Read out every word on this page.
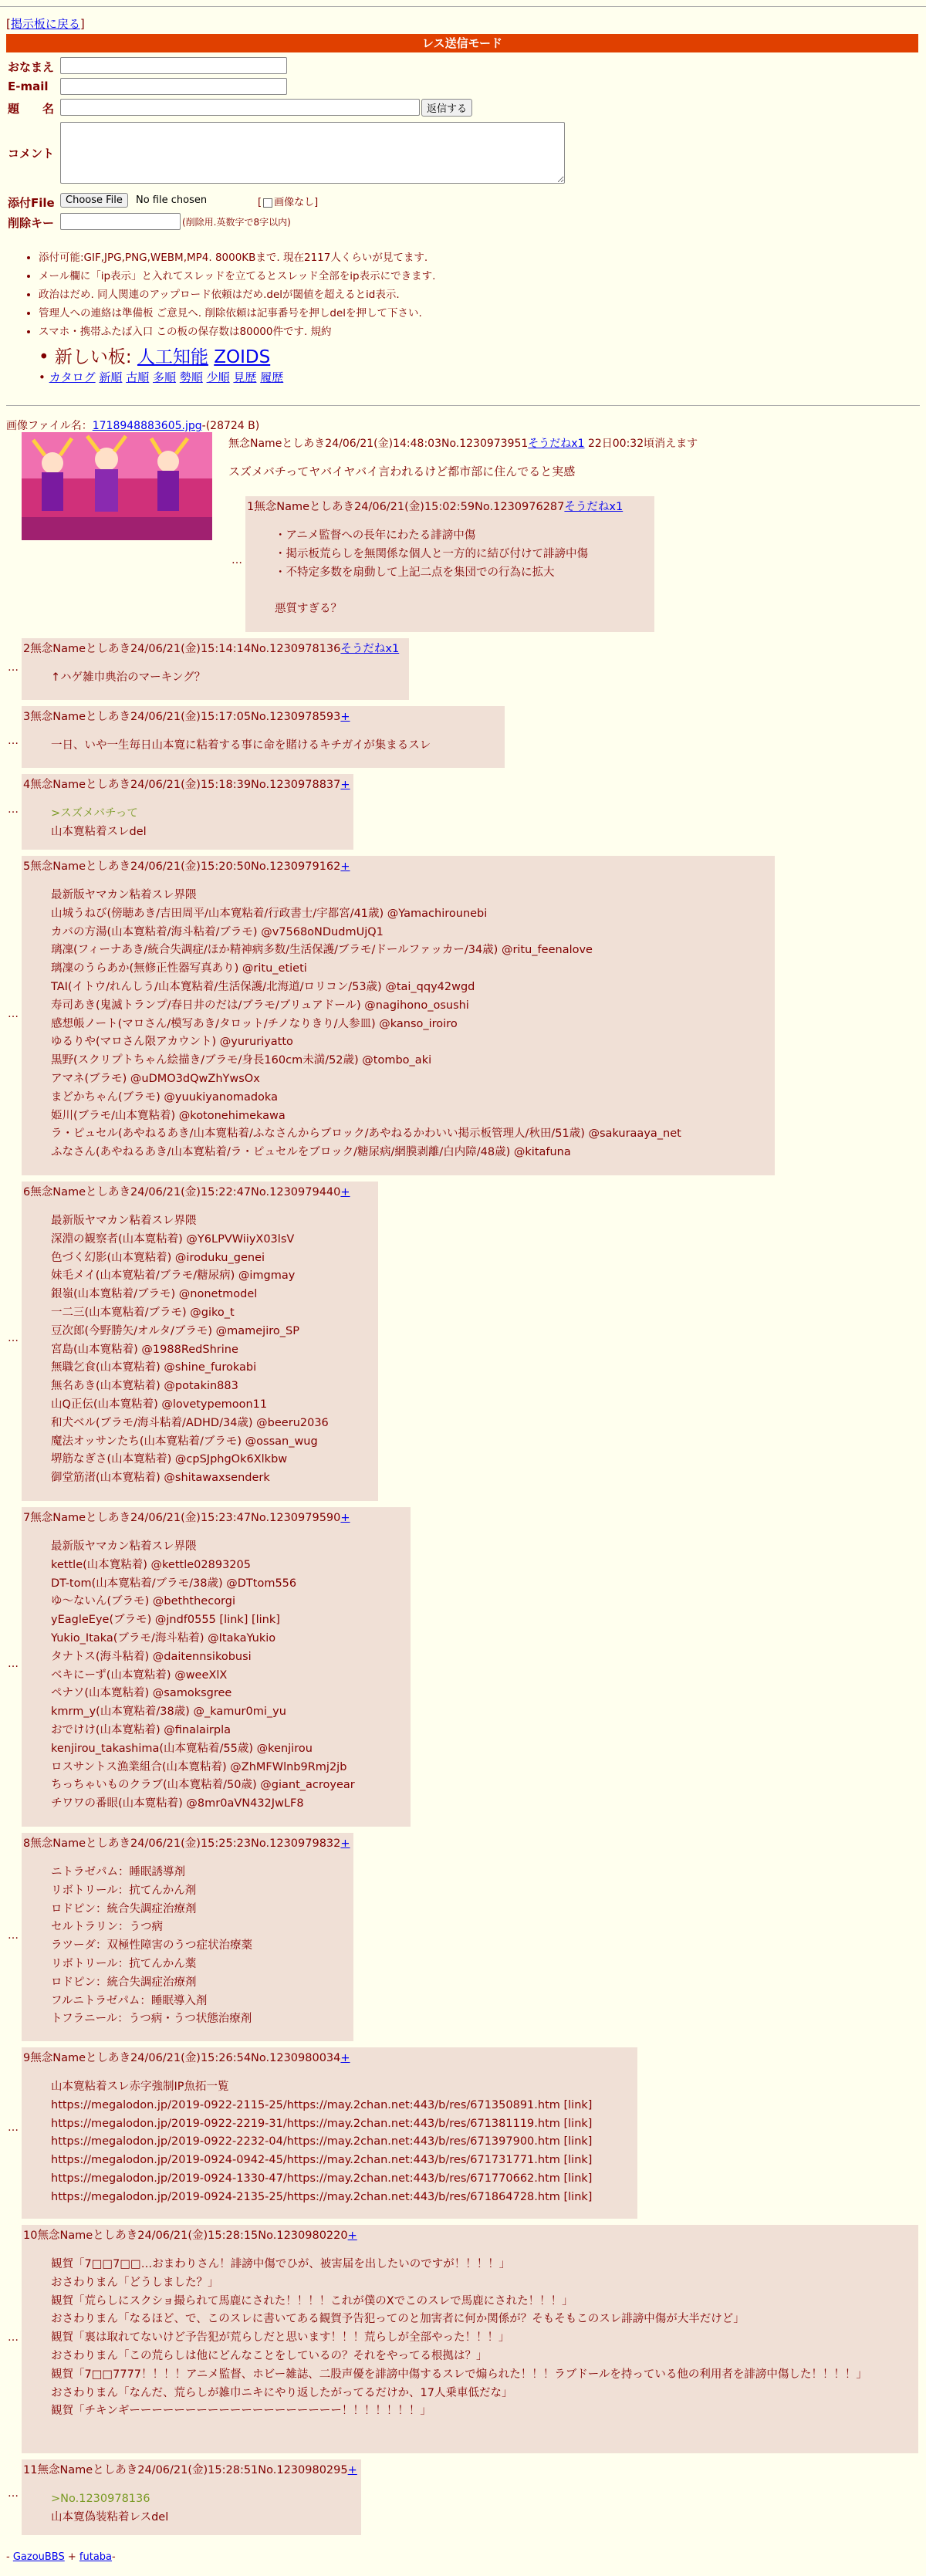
[掲示板に戻る]
レス送信モード
おなまえ
E-mail
題　　名	返信する
コメント
添付File	Choose File	No file chosen	[ 画像なし]
削除キー	(削除用.英数字で8字以内)
• 添付可能:GIF,JPG,PNG,WEBM,MP4. 8000KBまで. 現在2117人くらいが見てます.
• メール欄に「ip表示」と入れてスレッドを立てるとスレッド全部をip表示にできます.
• 政治はだめ. 同人関連のアップロード依頼はだめ.delが閾値を超えるとid表示.
• 管理人への連絡は準備板 ご意見へ. 削除依頼は記事番号を押しdelを押して下さい.
• スマホ・携帯ふたば入口 この板の保存数は80000件です. 規約
• 新しい板: 人工知能 ZOIDS
• カタログ 新順 古順 多順 勢順 少順 見歴 履歴
画像ファイル名：1718948883605.jpg-(28724 B)
無念Nameとしあき24/06/21(金)14:48:03No.1230973951そうだねx1 22日00:32頃消えます
スズメバチってヤバイヤバイ言われるけど都市部に住んでると実感
…
1無念Nameとしあき24/06/21(金)15:02:59No.1230976287そうだねx1
・アニメ監督への長年にわたる誹謗中傷
・掲示板荒らしを無関係な個人と一方的に結び付けて誹謗中傷
・不特定多数を扇動して上記二点を集団での行為に拡大

悪質すぎる？
…
2無念Nameとしあき24/06/21(金)15:14:14No.1230978136そうだねx1
↑ハゲ雑巾典治のマーキング？
…
3無念Nameとしあき24/06/21(金)15:17:05No.1230978593+
一日、いや一生毎日山本寛に粘着する事に命を賭けるキチガイが集まるスレ
…
4無念Nameとしあき24/06/21(金)15:18:39No.1230978837+
>スズメバチって
山本寛粘着スレdel
…
5無念Nameとしあき24/06/21(金)15:20:50No.1230979162+
最新版ヤマカン粘着スレ界隈
山城うねび(傍聴あき/吉田周平/山本寛粘着/行政書士/宇都宮/41歳) @Yamachirounebi
カバの方湯(山本寛粘着/海斗粘着/ブラモ) @v7568oNDudmUjQ1
璃凜(フィーナあき/統合失調症/ほか精神病多数/生活保護/ブラモ/ドールファッカー/34歳) @ritu_feenalove
璃凜のうらあか(無修正性器写真あり) @ritu_etieti
TAI(イトウ/れんしう/山本寛粘着/生活保護/北海道/ロリコン/53歳) @tai_qqy42wgd
寿司あき(鬼滅トランプ/春日井のだは/ブラモ/ブリュアドール) @nagihono_osushi
感想帳ノート(マロさん/模写あき/タロット/チノなりきり/人参皿) @kanso_iroiro
ゆるりや(マロさん限アカウント) @yururiyatto
黒野(スクリプトちゃん絵描き/ブラモ/身長160cm未満/52歳) @tombo_aki
アマネ(ブラモ) @uDMO3dQwZhYwsOx
まどかちゃん(ブラモ) @yuukiyanomadoka
姫川(ブラモ/山本寛粘着) @kotonehimekawa
ラ・ピュセル(あやねるあき/山本寛粘着/ふなさんからブロック/あやねるかわいい掲示板管理人/秋田/51歳) @sakuraaya_net
ふなさん(あやねるあき/山本寛粘着/ラ・ピュセルをブロック/糖尿病/網膜剥離/白内障/48歳) @kitafuna
…
6無念Nameとしあき24/06/21(金)15:22:47No.1230979440+
最新版ヤマカン粘着スレ界隈
深淵の観察者(山本寛粘着) @Y6LPVWiiyX03lsV
色づく幻影(山本寛粘着) @iroduku_genei
妹毛メイ(山本寛粘着/ブラモ/糖尿病) @imgmay
銀嶺(山本寛粘着/ブラモ) @nonetmodel
一二三(山本寛粘着/ブラモ) @giko_t
豆次郎(今野勝矢/オルタ/ブラモ) @mamejiro_SP
宮島(山本寛粘着) @1988RedShrine
無職乞食(山本寛粘着) @shine_furokabi
無名あき(山本寛粘着) @potakin883
山Q正伝(山本寛粘着) @lovetypemoon11
和犬ベル(ブラモ/海斗粘着/ADHD/34歳) @beeru2036
魔法オッサンたち(山本寛粘着/ブラモ) @ossan_wug
堺筋なぎさ(山本寛粘着) @cpSJphgOk6Xlkbw
御堂筋渚(山本寛粘着) @shitawaxsenderk
…
7無念Nameとしあき24/06/21(金)15:23:47No.1230979590+
最新版ヤマカン粘着スレ界隈
kettle(山本寛粘着) @kettle02893205
DT-tom(山本寛粘着/ブラモ/38歳) @DTtom556
ゆ～ないん(ブラモ) @beththecorgi
yEagleEye(ブラモ) @jndf0555 [link] [link]
Yukio_Itaka(ブラモ/海斗粘着) @ItakaYukio
タナトス(海斗粘着) @daitennsikobusi
ベキにーず(山本寛粘着) @weeXlX
ペナソ(山本寛粘着) @samoksgree
kmrm_y(山本寛粘着/38歳) @_kamur0mi_yu
おでけけ(山本寛粘着) @finalairpla
kenjirou_takashima(山本寛粘着/55歳) @kenjirou
ロスサントス漁業組合(山本寛粘着) @ZhMFWlnb9Rmj2jb
ちっちゃいものクラブ(山本寛粘着/50歳) @giant_acroyear
チワワの番眼(山本寛粘着) @8mr0aVN432JwLF8
…
8無念Nameとしあき24/06/21(金)15:25:23No.1230979832+
ニトラゼパム：睡眠誘導剤
リボトリール：抗てんかん剤
ロドピン：統合失調症治療剤
セルトラリン：うつ病
ラツーダ：双極性障害のうつ症状治療薬
リボトリール：抗てんかん薬
ロドピン：統合失調症治療剤
フルニトラゼパム：睡眠導入剤
トフラニール：うつ病・うつ状態治療剤
…
9無念Nameとしあき24/06/21(金)15:26:54No.1230980034+
山本寛粘着スレ赤字強制IP魚拓一覧
https://megalodon.jp/2019-0922-2115-25/https://may.2chan.net:443/b/res/671350891.htm [link]
https://megalodon.jp/2019-0922-2219-31/https://may.2chan.net:443/b/res/671381119.htm [link]
https://megalodon.jp/2019-0922-2232-04/https://may.2chan.net:443/b/res/671397900.htm [link]
https://megalodon.jp/2019-0924-0942-45/https://may.2chan.net:443/b/res/671731771.htm [link]
https://megalodon.jp/2019-0924-1330-47/https://may.2chan.net:443/b/res/671770662.htm [link]
https://megalodon.jp/2019-0924-2135-25/https://may.2chan.net:443/b/res/671864728.htm [link]
…
10無念Nameとしあき24/06/21(金)15:28:15No.1230980220+
観賀「7□□7□□…おまわりさん！誹謗中傷でひが、被害届を出したいのですが！！！！」
おさわりまん「どうしました？」
観賀「荒らしにスクショ撮られて馬鹿にされた！！！！これが僕のXでこのスレで馬鹿にされた！！！」
おさわりまん「なるほど、で、このスレに書いてある観賀予告犯ってのと加害者に何か関係が？そもそもこのスレ誹謗中傷が大半だけど」
観賀「裏は取れてないけど予告犯が荒らしだと思います！！！荒らしが全部やった！！！」
おさわりまん「この荒らしは他にどんなことをしているの？それをやってる根拠は？」
観賀「7□□7777！！！！アニメ監督、ホビー雑誌、二股声優を誹謗中傷するスレで煽られた！！！ラブドールを持っている他の利用者を誹謗中傷した！！！！」
おさわりまん「なんだ、荒らしが雑巾ニキにやり返したがってるだけか、17人乗車低だな」
観賀「チキンギーーーーーーーーーーーーーーーーーーー！！！！！！！」
…
11無念Nameとしあき24/06/21(金)15:28:51No.1230980295+
>No.1230978136
山本寛偽装粘着レスdel
- GazouBBS + futaba-
